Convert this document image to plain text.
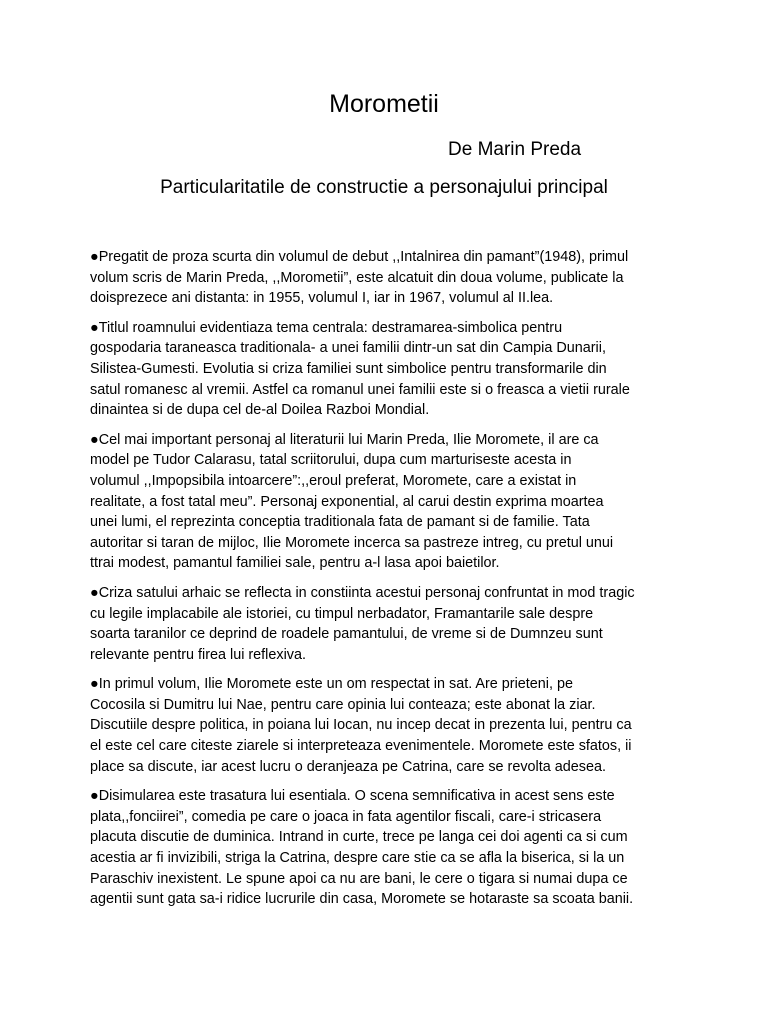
Morometii
De Marin Preda
Particularitatile de constructie a personajului principal

●Pregatit de proza scurta din volumul de debut ,,Intalnirea din pamant”(1948), primul
volum scris de Marin Preda, ,,Morometii”, este alcatuit din doua volume, publicate la
doisprezece ani distanta: in 1955, volumul I, iar in 1967, volumul al II.lea.

●Titlul roamnului evidentiaza tema centrala: destramarea-simbolica pentru
gospodaria taraneasca traditionala- a unei familii dintr-un sat din Campia Dunarii,
Silistea-Gumesti. Evolutia si criza familiei sunt simbolice pentru transformarile din
satul romanesc al vremii. Astfel ca romanul unei familii este si o freasca a vietii rurale
dinaintea si de dupa cel de-al Doilea Razboi Mondial.

●Cel mai important personaj al literaturii lui Marin Preda, Ilie Moromete, il are ca
model pe Tudor Calarasu, tatal scriitorului, dupa cum marturiseste acesta in
volumul ,,Impopsibila intoarcere”:,,eroul preferat, Moromete, care a existat in
realitate, a fost tatal meu”. Personaj exponential, al carui destin exprima moartea
unei lumi, el reprezinta conceptia traditionala fata de pamant si de familie. Tata
autoritar si taran de mijloc, Ilie Moromete incerca sa pastreze intreg, cu pretul unui
ttrai modest, pamantul familiei sale, pentru a-l lasa apoi baietilor.

●Criza satului arhaic se reflecta in constiinta acestui personaj confruntat in mod tragic
cu legile implacabile ale istoriei, cu timpul nerbadator, Framantarile sale despre
soarta taranilor ce deprind de roadele pamantului, de vreme si de Dumnzeu sunt
relevante pentru firea lui reflexiva.

●In primul volum, Ilie Moromete este un om respectat in sat. Are prieteni, pe
Cocosila si Dumitru lui Nae, pentru care opinia lui conteaza; este abonat la ziar.
Discutiile despre politica, in poiana lui Iocan, nu incep decat in prezenta lui, pentru ca
el este cel care citeste ziarele si interpreteaza evenimentele. Moromete este sfatos, ii
place sa discute, iar acest lucru o deranjeaza pe Catrina, care se revolta adesea.

●Disimularea este trasatura lui esentiala. O scena semnificativa in acest sens este
plata,,fonciirei”, comedia pe care o joaca in fata agentilor fiscali, care-i stricasera
placuta discutie de duminica. Intrand in curte, trece pe langa cei doi agenti ca si cum
acestia ar fi invizibili, striga la Catrina, despre care stie ca se afla la biserica, si la un
Paraschiv inexistent. Le spune apoi ca nu are bani, le cere o tigara si numai dupa ce
agentii sunt gata sa-i ridice lucrurile din casa, Moromete se hotaraste sa scoata banii.
